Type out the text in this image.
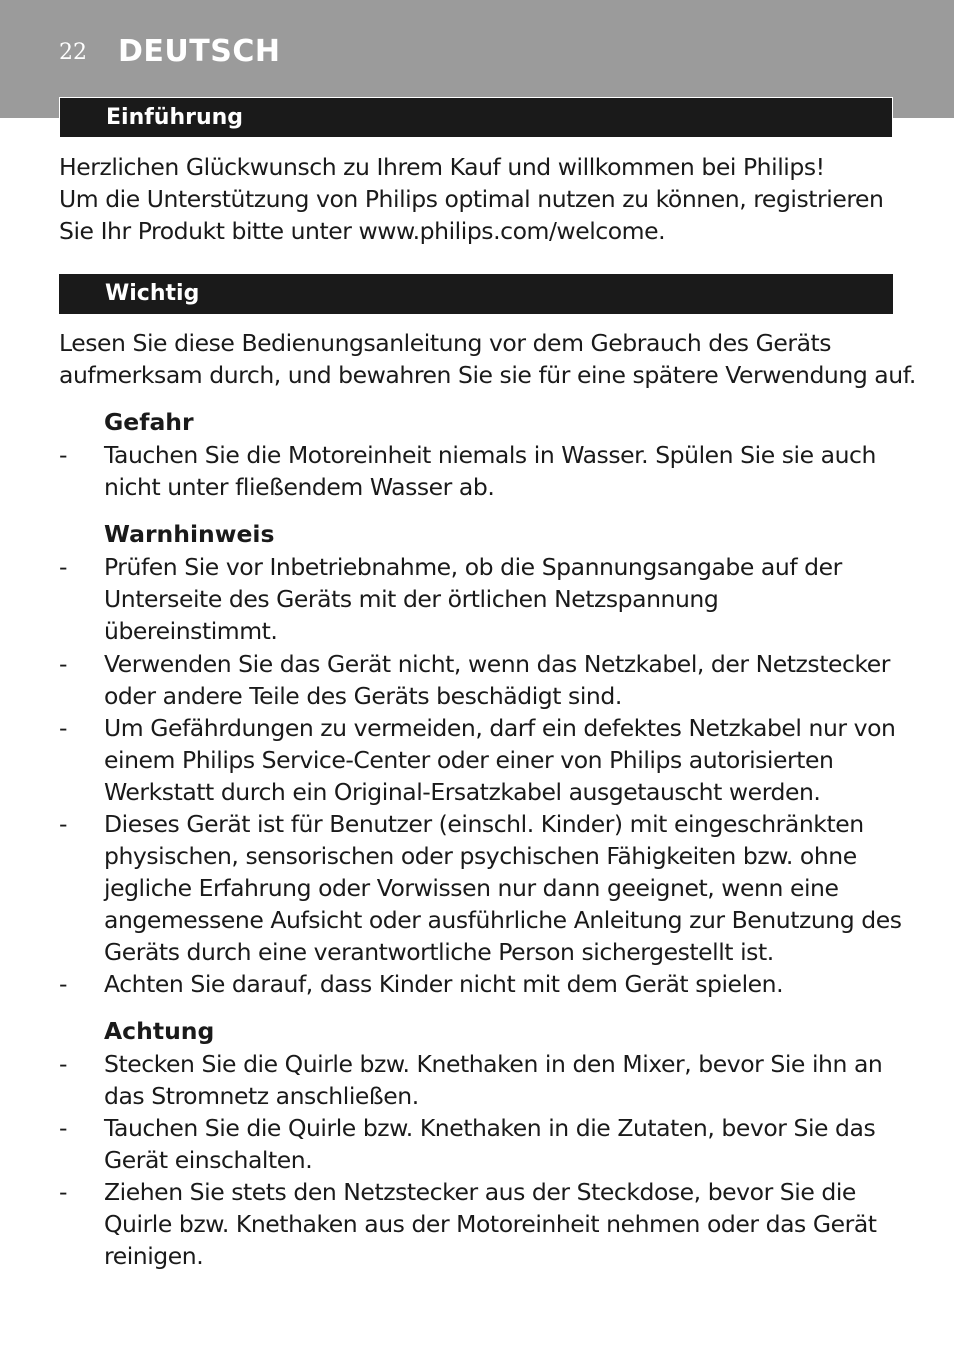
22 DEUTSCH
Einführung

Herzlichen Glückwunsch zu Ihrem Kauf und willkommen bei Philips!
Um die Unterstützung von Philips optimal nutzen zu können, registrieren
Sie Ihr Produkt bitte unter www.philips.com/welcome.

Wichtig

Lesen Sie diese Bedienungsanleitung vor dem Gebrauch des Geräts
aufmerksam durch, und bewahren Sie sie für eine spätere Verwendung auf.

Gefahr
-	Tauchen Sie die Motoreinheit niemals in Wasser. Spülen Sie sie auch
nicht unter fließendem Wasser ab.
Warnhinweis
-	Prüfen Sie vor Inbetriebnahme, ob die Spannungsangabe auf der
Unterseite des Geräts mit der örtlichen Netzspannung
übereinstimmt.
-	Verwenden Sie das Gerät nicht, wenn das Netzkabel, der Netzstecker
oder andere Teile des Geräts beschädigt sind.
-	Um Gefährdungen zu vermeiden, darf ein defektes Netzkabel nur von
einem Philips Service-Center oder einer von Philips autorisierten
Werkstatt durch ein Original-Ersatzkabel ausgetauscht werden.
-	Dieses Gerät ist für Benutzer (einschl. Kinder) mit eingeschränkten
physischen, sensorischen oder psychischen Fähigkeiten bzw. ohne
jegliche Erfahrung oder Vorwissen nur dann geeignet, wenn eine
angemessene Aufsicht oder ausführliche Anleitung zur Benutzung des
Geräts durch eine verantwortliche Person sichergestellt ist.
-	Achten Sie darauf, dass Kinder nicht mit dem Gerät spielen.
Achtung
-	Stecken Sie die Quirle bzw. Knethaken in den Mixer, bevor Sie ihn an
das Stromnetz anschließen.
-	Tauchen Sie die Quirle bzw. Knethaken in die Zutaten, bevor Sie das
Gerät einschalten.
-	Ziehen Sie stets den Netzstecker aus der Steckdose, bevor Sie die
Quirle bzw. Knethaken aus der Motoreinheit nehmen oder das Gerät
reinigen.
